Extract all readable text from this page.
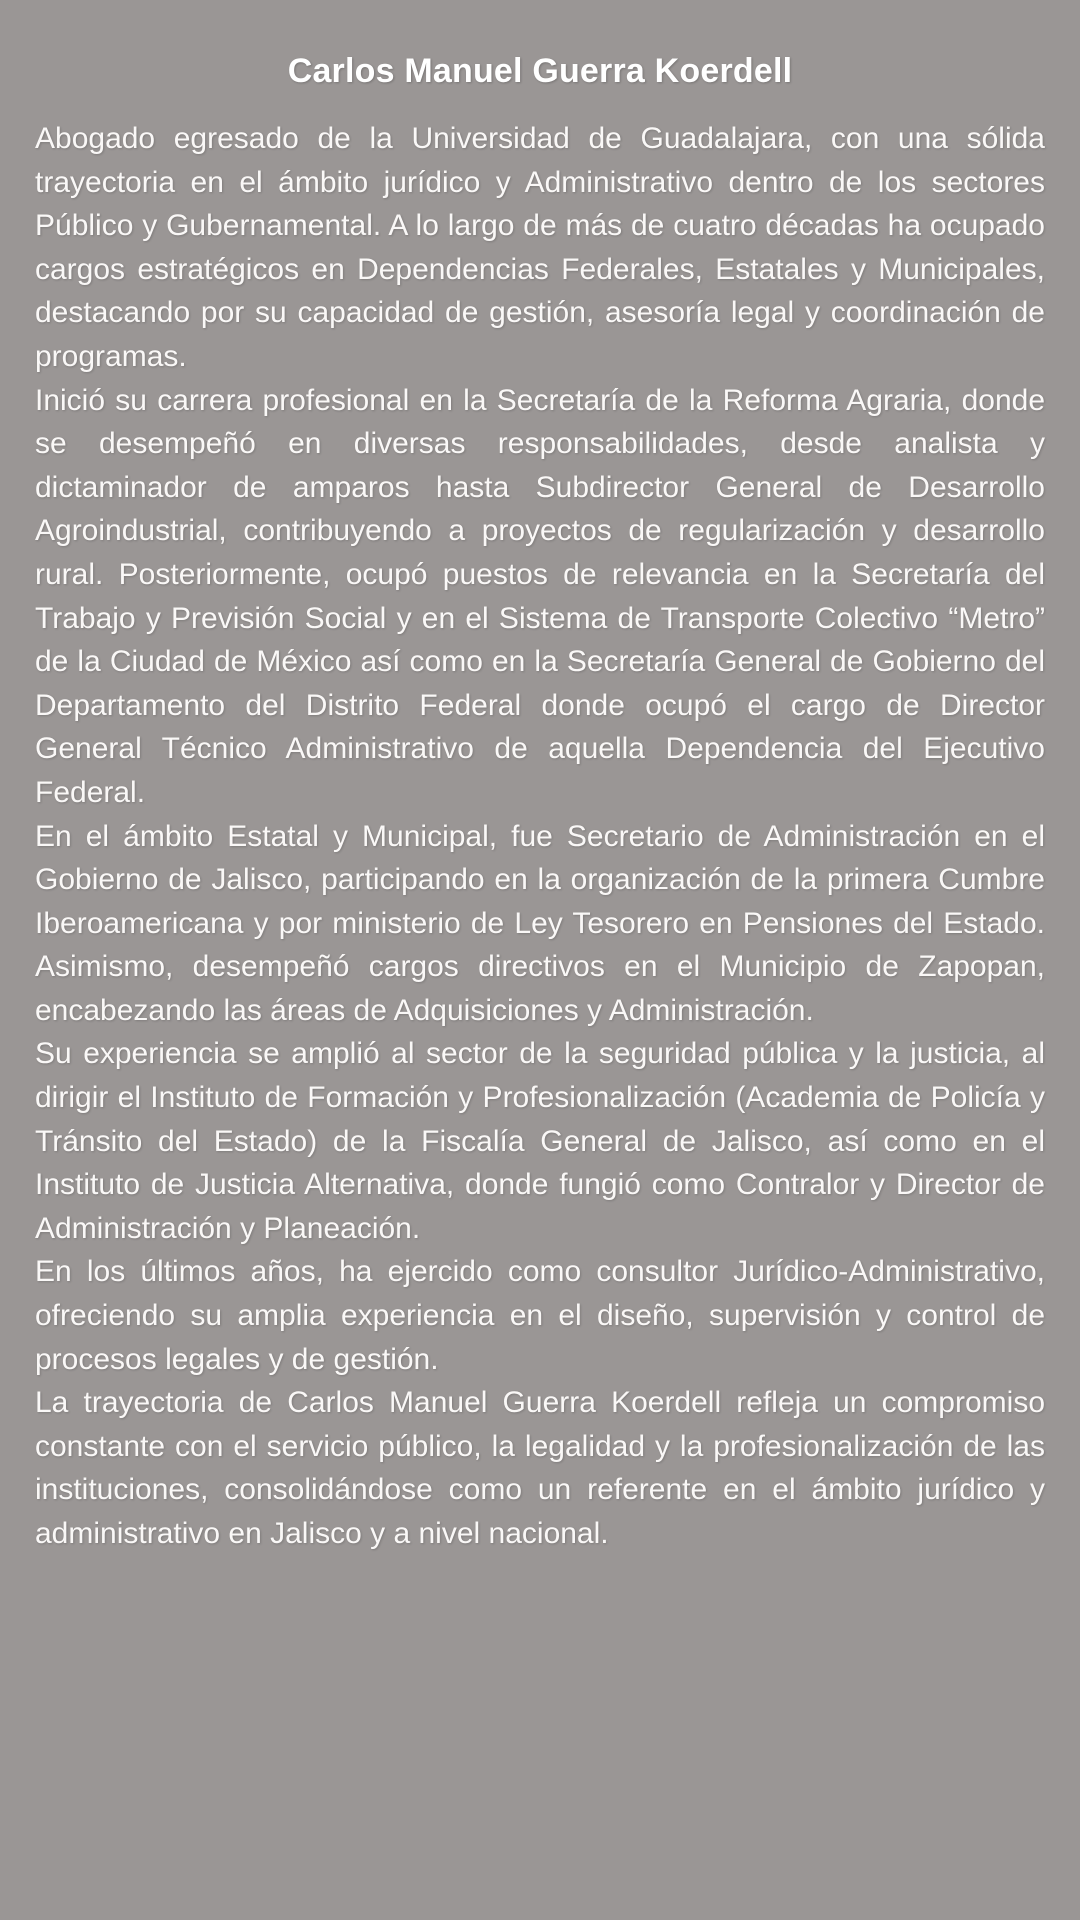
Carlos Manuel Guerra Koerdell

Abogado egresado de la Universidad de Guadalajara, con una sólida trayectoria en el ámbito jurídico y Administrativo dentro de los sectores Público y Gubernamental. A lo largo de más de cuatro décadas ha ocupado cargos estratégicos en Dependencias Federales, Estatales y Municipales, destacando por su capacidad de gestión, asesoría legal y coordinación de programas.

Inició su carrera profesional en la Secretaría de la Reforma Agraria, donde se desempeñó en diversas responsabilidades, desde analista y dictaminador de amparos hasta Subdirector General de Desarrollo Agroindustrial, contribuyendo a proyectos de regularización y desarrollo rural. Posteriormente, ocupó puestos de relevancia en la Secretaría del Trabajo y Previsión Social y en el Sistema de Transporte Colectivo “Metro” de la Ciudad de México así como en la Secretaría General de Gobierno del Departamento del Distrito Federal donde ocupó el cargo de Director General Técnico Administrativo de aquella Dependencia del Ejecutivo Federal.

En el ámbito Estatal y Municipal, fue Secretario de Administración en el Gobierno de Jalisco, participando en la organización de la primera Cumbre Iberoamericana y por ministerio de Ley Tesorero en Pensiones del Estado. Asimismo, desempeñó cargos directivos en el Municipio de Zapopan, encabezando las áreas de Adquisiciones y Administración.

Su experiencia se amplió al sector de la seguridad pública y la justicia, al dirigir el Instituto de Formación y Profesionalización (Academia de Policía y Tránsito del Estado) de la Fiscalía General de Jalisco, así como en el Instituto de Justicia Alternativa, donde fungió como Contralor y Director de Administración y Planeación.

En los últimos años, ha ejercido como consultor Jurídico-Administrativo, ofreciendo su amplia experiencia en el diseño, supervisión y control de procesos legales y de gestión.

La trayectoria de Carlos Manuel Guerra Koerdell refleja un compromiso constante con el servicio público, la legalidad y la profesionalización de las instituciones, consolidándose como un referente en el ámbito jurídico y administrativo en Jalisco y a nivel nacional.
